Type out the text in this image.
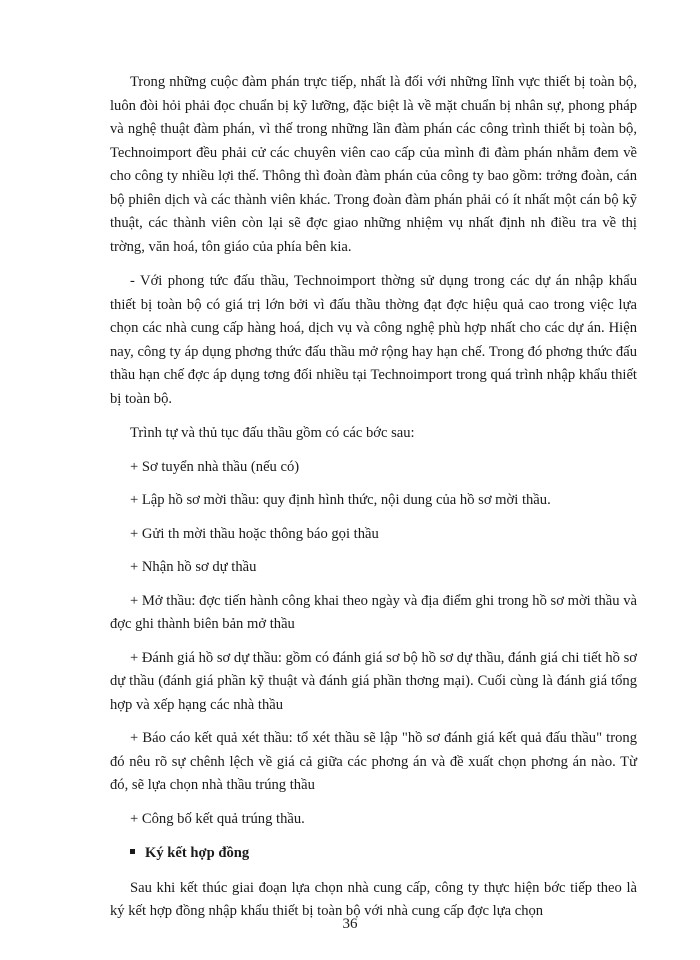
Trong những cuộc đàm phán trực tiếp, nhất là đối với những lĩnh vực thiết bị toàn bộ, luôn đòi hỏi phải đọc chuẩn bị kỹ lưỡng, đặc biệt là về mặt chuẩn bị nhân sự, phong pháp và nghệ thuật đàm phán, vì thế trong những lần đàm phán các công trình thiết bị toàn bộ, Technoimport đều phải cử các chuyên viên cao cấp của mình đi đàm phán nhằm đem về cho công ty nhiều lợi thế. Thông thì đoàn đàm phán của công ty bao gồm: trởng đoàn, cán bộ phiên dịch và các thành viên khác. Trong đoàn đàm phán phải có ít nhất một cán bộ kỹ thuật, các thành viên còn lại sẽ đợc giao những nhiệm vụ nhất định nh điều tra về thị trờng, văn hoá, tôn giáo của phía bên kia.

- Với phong tức đấu thầu, Technoimport thờng sử dụng trong các dự án nhập khẩu thiết bị toàn bộ có giá trị lớn bởi vì đấu thầu thờng đạt đợc hiệu quả cao trong việc lựa chọn các nhà cung cấp hàng hoá, dịch vụ và công nghệ phù hợp nhất cho các dự án. Hiện nay, công ty áp dụng phơng thức đấu thầu mở rộng hay hạn chế. Trong đó phơng thức đấu thầu hạn chế đợc áp dụng tơng đối nhiều tại Technoimport trong quá trình nhập khẩu thiết bị toàn bộ.

Trình tự và thủ tục đấu thầu gồm có các bớc sau:

+ Sơ tuyển nhà thầu (nếu có)

+ Lập hồ sơ mời thầu: quy định hình thức, nội dung của hồ sơ mời thầu.

+ Gửi th mời thầu hoặc thông báo gọi thầu

+ Nhận hồ sơ dự thầu

+ Mở thầu: đợc tiến hành công khai theo ngày và địa điểm ghi trong hồ sơ mời thầu và đợc ghi thành biên bản mở thầu

+ Đánh giá hồ sơ dự thầu: gồm có đánh giá sơ bộ hồ sơ dự thầu, đánh giá chi tiết hồ sơ dự thầu (đánh giá phần kỹ thuật và đánh giá phần thơng mại). Cuối cùng là đánh giá tổng hợp và xếp hạng các nhà thầu

+ Báo cáo kết quả xét thầu: tổ xét thầu sẽ lập "hồ sơ đánh giá kết quả đấu thầu" trong đó nêu rõ sự chênh lệch về giá cả giữa các phơng án và đề xuất chọn phơng án nào. Từ đó, sẽ lựa chọn nhà thầu trúng thầu

+ Công bố kết quả trúng thầu.

Ký kết hợp đồng

Sau khi kết thúc giai đoạn lựa chọn nhà cung cấp, công ty thực hiện bớc tiếp theo là ký kết hợp đồng nhập khẩu thiết bị toàn bộ với nhà cung cấp đợc lựa chọn

36
